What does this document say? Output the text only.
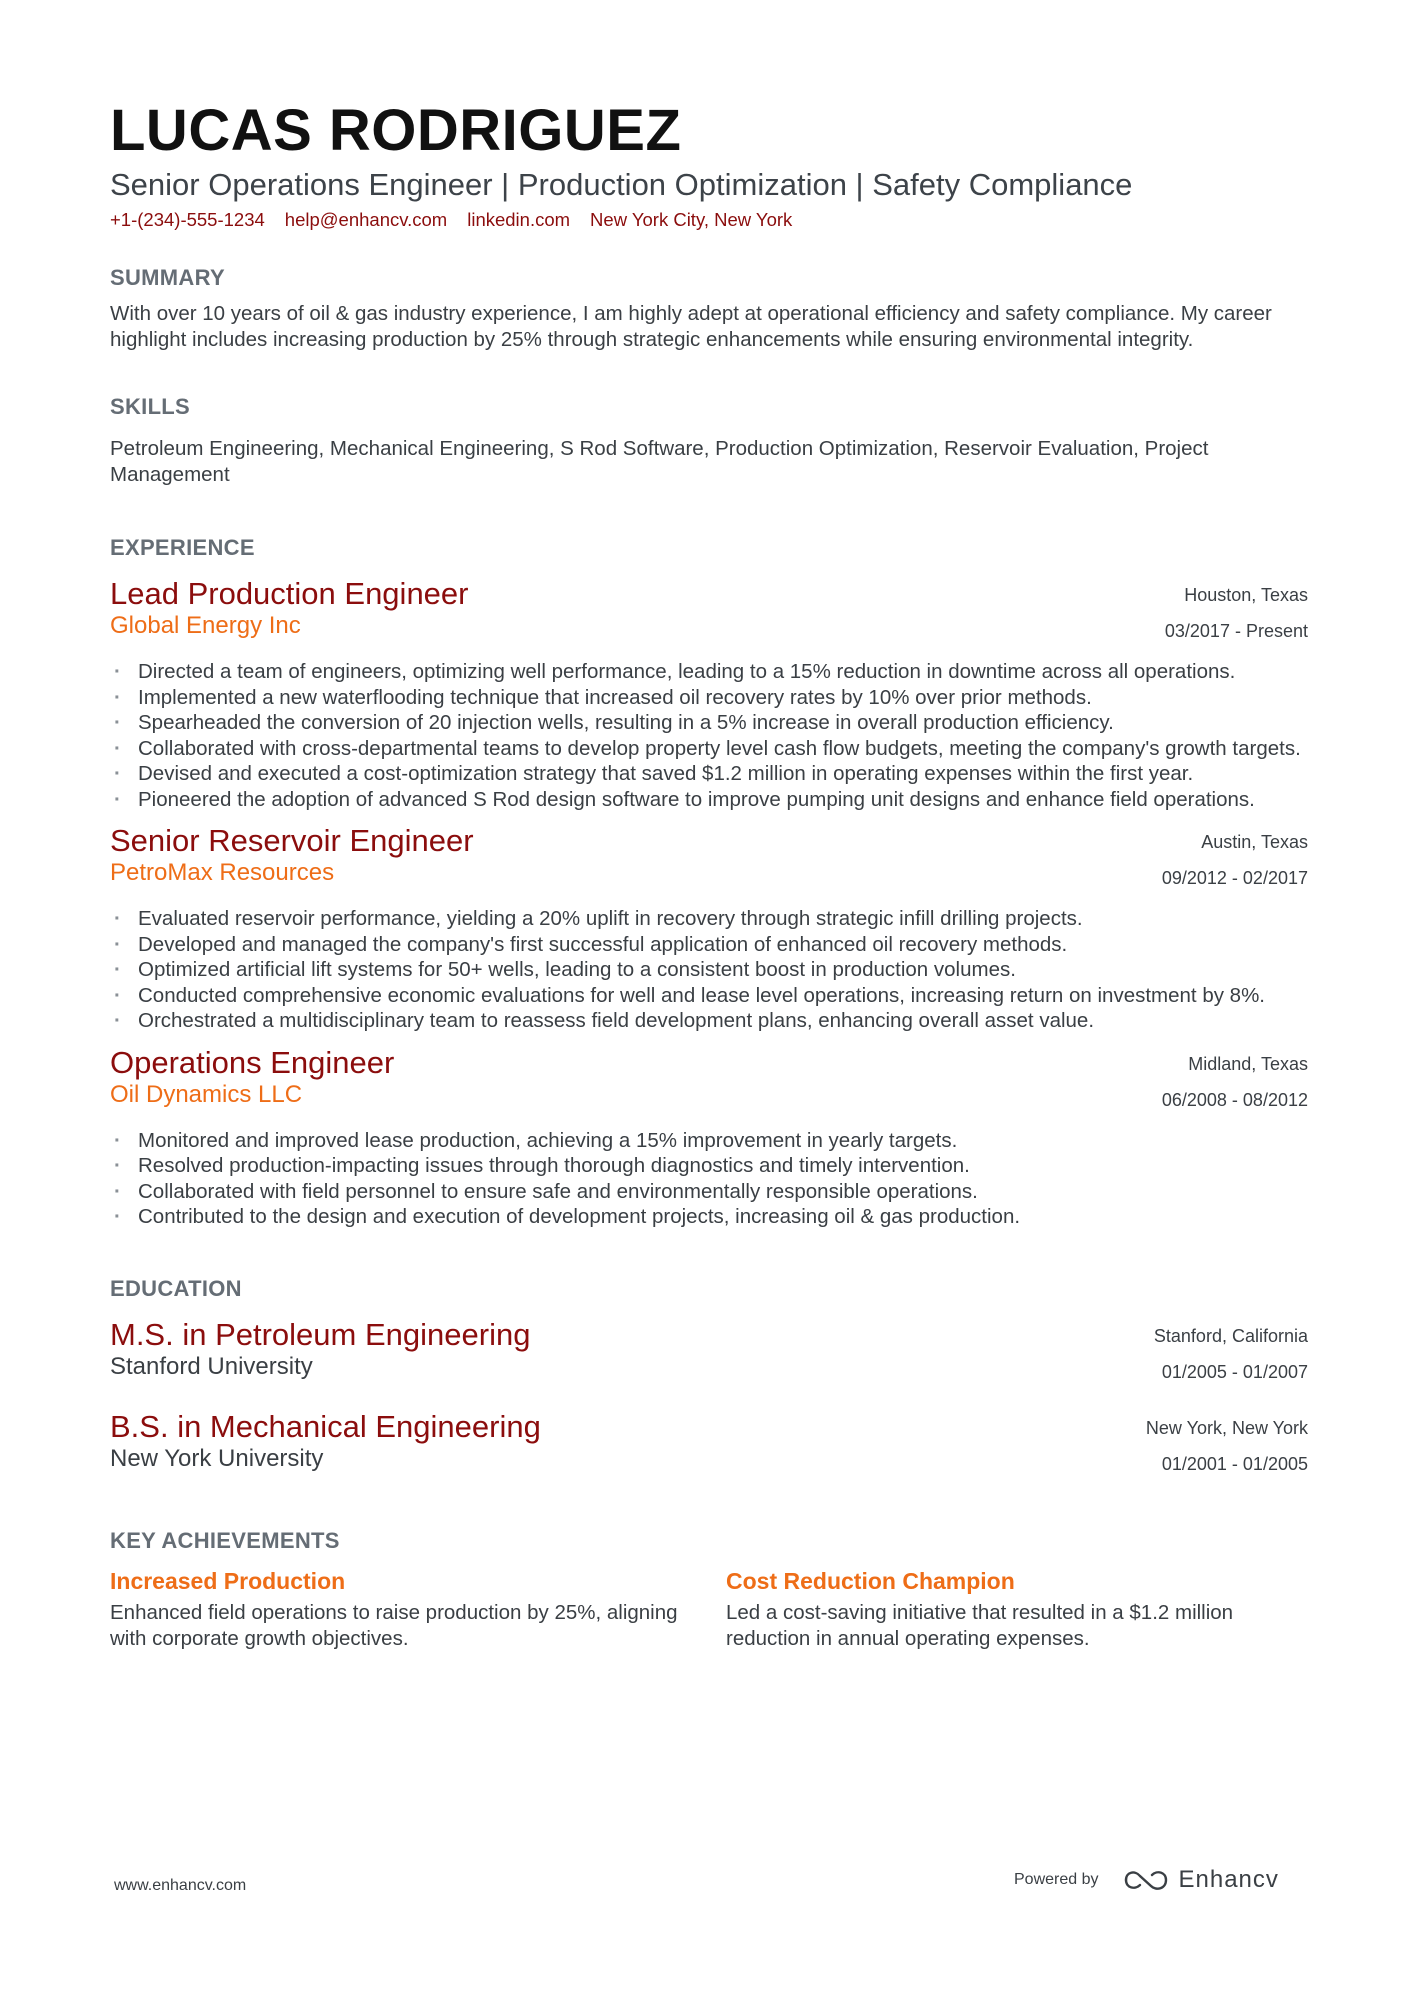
LUCAS RODRIGUEZ
Senior Operations Engineer | Production Optimization | Safety Compliance
+1-(234)-555-1234 help@enhancv.com linkedin.com New York City, New York
SUMMARY
With over 10 years of oil & gas industry experience, I am highly adept at operational efficiency and safety compliance. My career highlight includes increasing production by 25% through strategic enhancements while ensuring environmental integrity.
SKILLS
Petroleum Engineering, Mechanical Engineering, S Rod Software, Production Optimization, Reservoir Evaluation, Project Management
EXPERIENCE
Lead Production Engineer
Global Energy Inc
Houston, Texas
03/2017 - Present
· Directed a team of engineers, optimizing well performance, leading to a 15% reduction in downtime across all operations.
· Implemented a new waterflooding technique that increased oil recovery rates by 10% over prior methods.
· Spearheaded the conversion of 20 injection wells, resulting in a 5% increase in overall production efficiency.
· Collaborated with cross-departmental teams to develop property level cash flow budgets, meeting the company's growth targets.
· Devised and executed a cost-optimization strategy that saved $1.2 million in operating expenses within the first year.
· Pioneered the adoption of advanced S Rod design software to improve pumping unit designs and enhance field operations.
Senior Reservoir Engineer
PetroMax Resources
Austin, Texas
09/2012 - 02/2017
· Evaluated reservoir performance, yielding a 20% uplift in recovery through strategic infill drilling projects.
· Developed and managed the company's first successful application of enhanced oil recovery methods.
· Optimized artificial lift systems for 50+ wells, leading to a consistent boost in production volumes.
· Conducted comprehensive economic evaluations for well and lease level operations, increasing return on investment by 8%.
· Orchestrated a multidisciplinary team to reassess field development plans, enhancing overall asset value.
Operations Engineer
Oil Dynamics LLC
Midland, Texas
06/2008 - 08/2012
· Monitored and improved lease production, achieving a 15% improvement in yearly targets.
· Resolved production-impacting issues through thorough diagnostics and timely intervention.
· Collaborated with field personnel to ensure safe and environmentally responsible operations.
· Contributed to the design and execution of development projects, increasing oil & gas production.
EDUCATION
M.S. in Petroleum Engineering
Stanford University
Stanford, California
01/2005 - 01/2007
B.S. in Mechanical Engineering
New York University
New York, New York
01/2001 - 01/2005
KEY ACHIEVEMENTS
Increased Production
Enhanced field operations to raise production by 25%, aligning with corporate growth objectives.
Cost Reduction Champion
Led a cost-saving initiative that resulted in a $1.2 million reduction in annual operating expenses.
www.enhancv.com	Powered by	Enhancv
